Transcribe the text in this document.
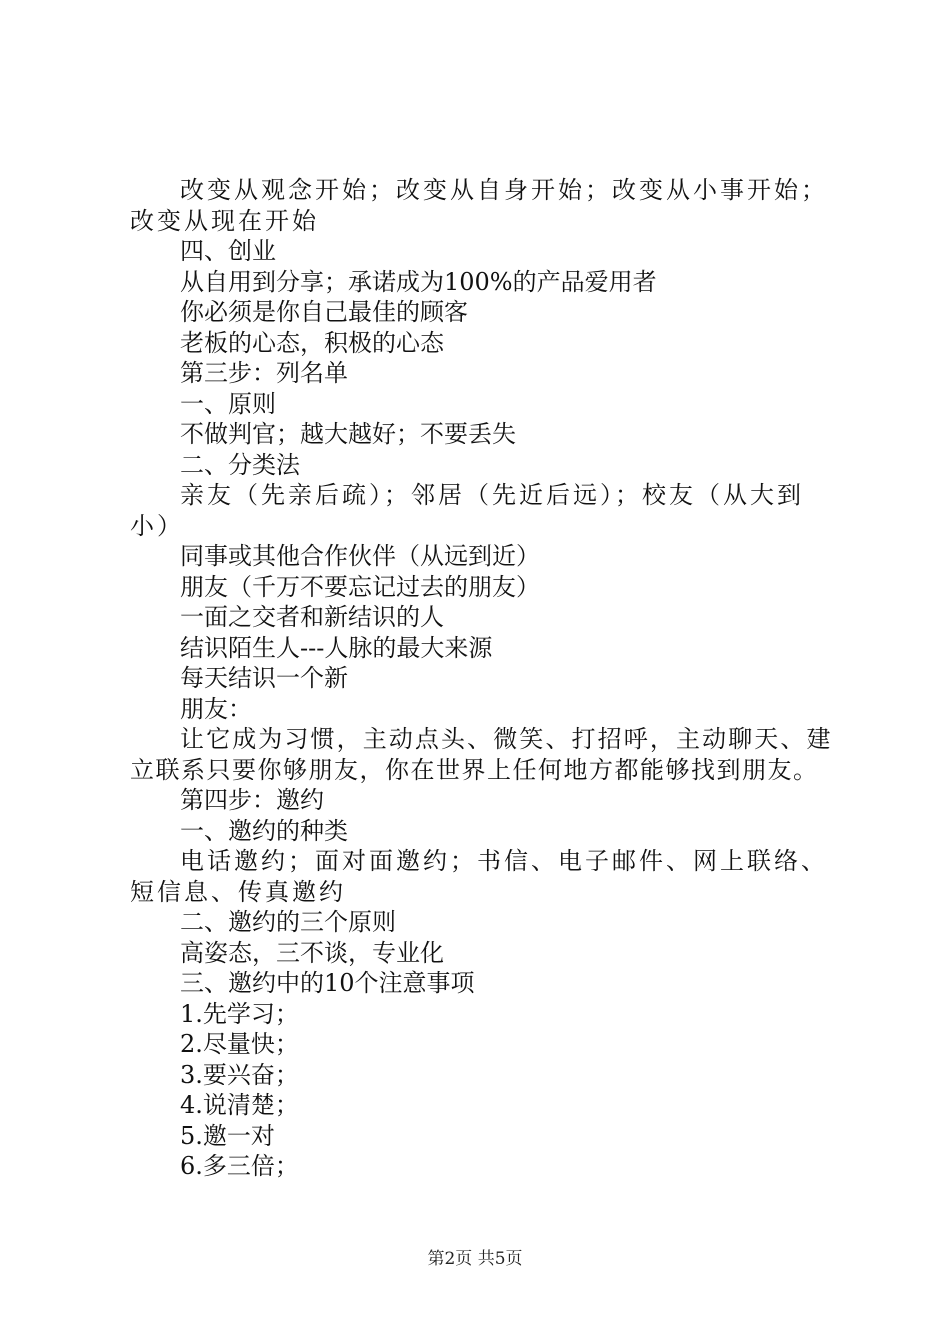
改变从观念开始；改变从自身开始；改变从小事开始；改变从现在开始

四、创业

从自用到分享；承诺成为100%的产品爱用者

你必须是你自己最佳的顾客

老板的心态，积极的心态

第三步：列名单

一、原则

不做判官；越大越好；不要丢失

二、分类法

亲友（先亲后疏）；邻居（先近后远）；校友（从大到小）

同事或其他合作伙伴（从远到近）

朋友（千万不要忘记过去的朋友）

一面之交者和新结识的人

结识陌生人---人脉的最大来源

每天结识一个新

朋友：

让它成为习惯，主动点头、微笑、打招呼，主动聊天、建立联系只要你够朋友，你在世界上任何地方都能够找到朋友。

第四步：邀约

一、邀约的种类

电话邀约；面对面邀约；书信、电子邮件、网上联络、短信息、传真邀约

二、邀约的三个原则

高姿态，三不谈，专业化

三、邀约中的10个注意事项

1.先学习；

2.尽量快；

3.要兴奋；

4.说清楚；

5.邀一对

6.多三倍；

第2页 共5页
